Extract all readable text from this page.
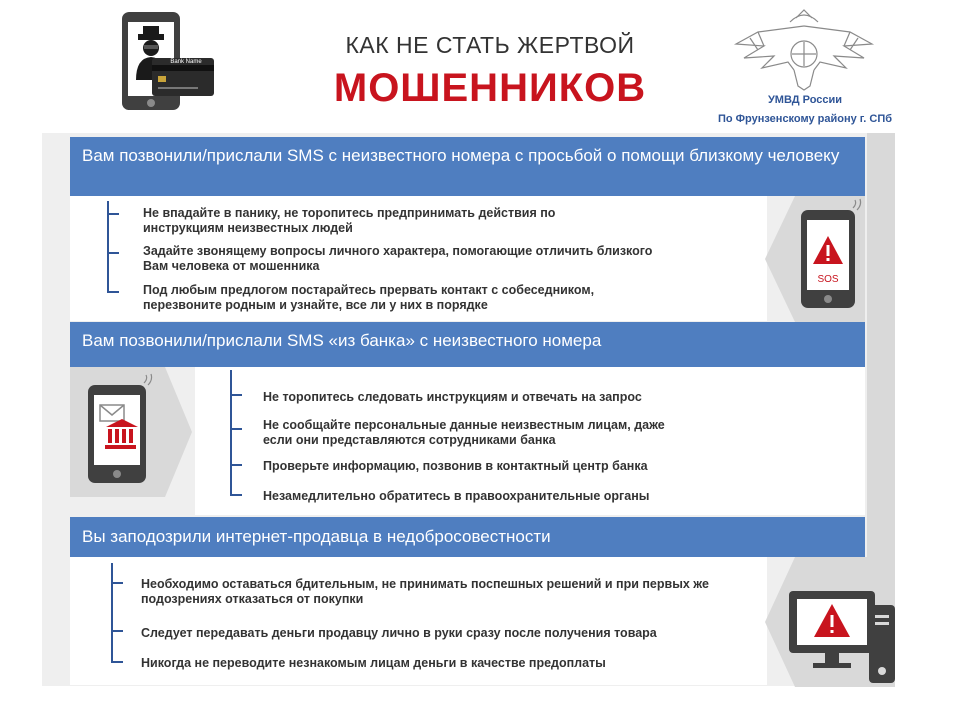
Bank Name
КАК НЕ СТАТЬ ЖЕРТВОЙ
МОШЕННИКОВ	УМВД России
По Фрунзенскому району г. СПб
Вам позвонили/прислали SMS с неизвестного номера с просьбой о помощи близкому человеку
Не впадайте в панику, не торопитесь предпринимать действия по инструкциям неизвестных людей
Задайте звонящему вопросы личного характера, помогающие отличить близкого Вам человека от мошенника
Под любым предлогом постарайтесь прервать контакт с собеседником, перезвоните родным и узнайте, все ли у них в порядке
SOS
Вам позвонили/прислали SMS «из банка» с неизвестного номера
Не торопитесь следовать инструкциям и отвечать на запрос
Не сообщайте персональные данные неизвестным лицам, даже если они представляются сотрудниками банка
Проверьте информацию, позвонив в контактный центр банка
Незамедлительно обратитесь в правоохранительные органы
Вы заподозрили интернет-продавца в недобросовестности
Необходимо оставаться бдительным, не принимать поспешных решений и при первых же подозрениях отказаться от покупки
Следует передавать деньги продавцу лично в руки сразу после получения товара
Никогда не переводите незнакомым лицам деньги в качестве предоплаты
